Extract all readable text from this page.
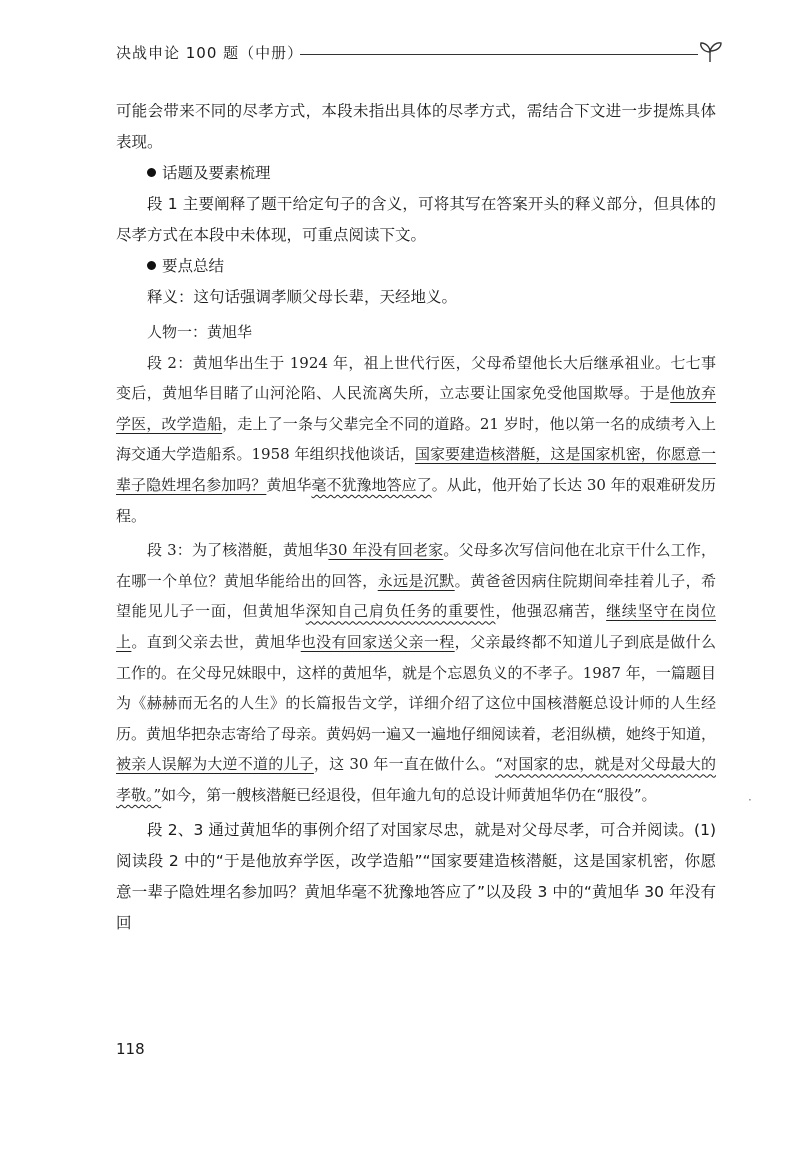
决战申论 100 题（中册）

可能会带来不同的尽孝方式，本段未指出具体的尽孝方式，需结合下文进一步提炼具体表现。

话题及要素梳理

段 1 主要阐释了题干给定句子的含义，可将其写在答案开头的释义部分，但具体的尽孝方式在本段中未体现，可重点阅读下文。

要点总结

释义：这句话强调孝顺父母长辈，天经地义。

人物一：黄旭华

段 2：黄旭华出生于 1924 年，祖上世代行医，父母希望他长大后继承祖业。七七事变后，黄旭华目睹了山河沦陷、人民流离失所，立志要让国家免受他国欺辱。于是他放弃学医，改学造船，走上了一条与父辈完全不同的道路。21 岁时，他以第一名的成绩考入上海交通大学造船系。1958 年组织找他谈话，国家要建造核潜艇，这是国家机密，你愿意一辈子隐姓埋名参加吗？黄旭华毫不犹豫地答应了。从此，他开始了长达 30 年的艰难研发历程。

段 3：为了核潜艇，黄旭华30 年没有回老家。父母多次写信问他在北京干什么工作，在哪一个单位？黄旭华能给出的回答，永远是沉默。黄爸爸因病住院期间牵挂着儿子，希望能见儿子一面，但黄旭华深知自己肩负任务的重要性，他强忍痛苦，继续坚守在岗位上。直到父亲去世，黄旭华也没有回家送父亲一程，父亲最终都不知道儿子到底是做什么工作的。在父母兄妹眼中，这样的黄旭华，就是个忘恩负义的不孝子。1987 年，一篇题目为《赫赫而无名的人生》的长篇报告文学，详细介绍了这位中国核潜艇总设计师的人生经历。黄旭华把杂志寄给了母亲。黄妈妈一遍又一遍地仔细阅读着，老泪纵横，她终于知道，被亲人误解为大逆不道的儿子，这 30 年一直在做什么。“对国家的忠，就是对父母最大的孝敬。”如今，第一艘核潜艇已经退役，但年逾九旬的总设计师黄旭华仍在“服役”。

段 2、3 通过黄旭华的事例介绍了对国家尽忠，就是对父母尽孝，可合并阅读。(1) 阅读段 2 中的“于是他放弃学医，改学造船”“国家要建造核潜艇，这是国家机密，你愿意一辈子隐姓埋名参加吗？黄旭华毫不犹豫地答应了”以及段 3 中的“黄旭华 30 年没有回

·
118
